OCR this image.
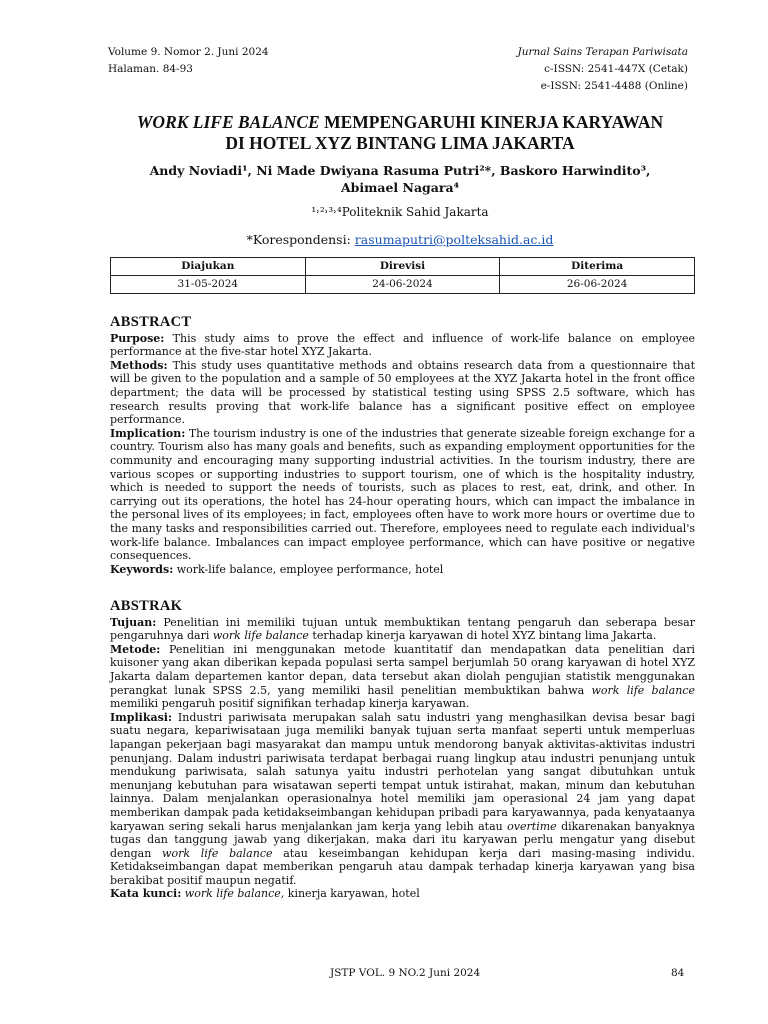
Volume 9. Nomor 2. Juni 2024
Halaman. 84-93
Jurnal Sains Terapan Pariwisata
c-ISSN: 2541-447X (Cetak)
e-ISSN: 2541-4488 (Online)
WORK LIFE BALANCE MEMPENGARUHI KINERJA KARYAWAN
DI HOTEL XYZ BINTANG LIMA JAKARTA
Andy Noviadi¹, Ni Made Dwiyana Rasuma Putri²*, Baskoro Harwindito³,
Abimael Nagara⁴
¹˒²˒³˒⁴Politeknik Sahid Jakarta
*Korespondensi: rasumaputri@polteksahid.ac.id
Diajukan	Direvisi	Diterima
31-05-2024	24-06-2024	26-06-2024
ABSTRACT

Purpose: This study aims to prove the effect and influence of work-life balance on employee performance at the five-star hotel XYZ Jakarta.

Methods: This study uses quantitative methods and obtains research data from a questionnaire that will be given to the population and a sample of 50 employees at the XYZ Jakarta hotel in the front office department; the data will be processed by statistical testing using SPSS 2.5 software, which has research results proving that work-life balance has a significant positive effect on employee performance.

Implication: The tourism industry is one of the industries that generate sizeable foreign exchange for a country. Tourism also has many goals and benefits, such as expanding employment opportunities for the community and encouraging many supporting industrial activities. In the tourism industry, there are various scopes or supporting industries to support tourism, one of which is the hospitality industry, which is needed to support the needs of tourists, such as places to rest, eat, drink, and other. In carrying out its operations, the hotel has 24-hour operating hours, which can impact the imbalance in the personal lives of its employees; in fact, employees often have to work more hours or overtime due to the many tasks and responsibilities carried out. Therefore, employees need to regulate each individual's work-life balance. Imbalances can impact employee performance, which can have positive or negative consequences.

Keywords: work-life balance, employee performance, hotel

ABSTRAK

Tujuan: Penelitian ini memiliki tujuan untuk membuktikan tentang pengaruh dan seberapa besar pengaruhnya dari work life balance terhadap kinerja karyawan di hotel XYZ bintang lima Jakarta.

Metode: Penelitian ini menggunakan metode kuantitatif dan mendapatkan data penelitian dari kuisoner yang akan diberikan kepada populasi serta sampel berjumlah 50 orang karyawan di hotel XYZ Jakarta dalam departemen kantor depan, data tersebut akan diolah pengujian statistik menggunakan perangkat lunak SPSS 2.5, yang memiliki hasil penelitian membuktikan bahwa work life balance memiliki pengaruh positif signifikan terhadap kinerja karyawan.

Implikasi: Industri pariwisata merupakan salah satu industri yang menghasilkan devisa besar bagi suatu negara, kepariwisataan juga memiliki banyak tujuan serta manfaat seperti untuk memperluas lapangan pekerjaan bagi masyarakat dan mampu untuk mendorong banyak aktivitas-aktivitas industri penunjang. Dalam industri pariwisata terdapat berbagai ruang lingkup atau industri penunjang untuk mendukung pariwisata, salah satunya yaitu industri perhotelan yang sangat dibutuhkan untuk menunjang kebutuhan para wisatawan seperti tempat untuk istirahat, makan, minum dan kebutuhan lainnya. Dalam menjalankan operasionalnya hotel memiliki jam operasional 24 jam yang dapat memberikan dampak pada ketidakseimbangan kehidupan pribadi para karyawannya, pada kenyataanya karyawan sering sekali harus menjalankan jam kerja yang lebih atau overtime dikarenakan banyaknya tugas dan tanggung jawab yang dikerjakan, maka dari itu karyawan perlu mengatur yang disebut dengan work life balance atau keseimbangan kehidupan kerja dari masing-masing individu. Ketidakseimbangan dapat memberikan pengaruh atau dampak terhadap kinerja karyawan yang bisa berakibat positif maupun negatif.

Kata kunci: work life balance, kinerja karyawan, hotel

JSTP VOL. 9 NO.2 Juni 2024	84
